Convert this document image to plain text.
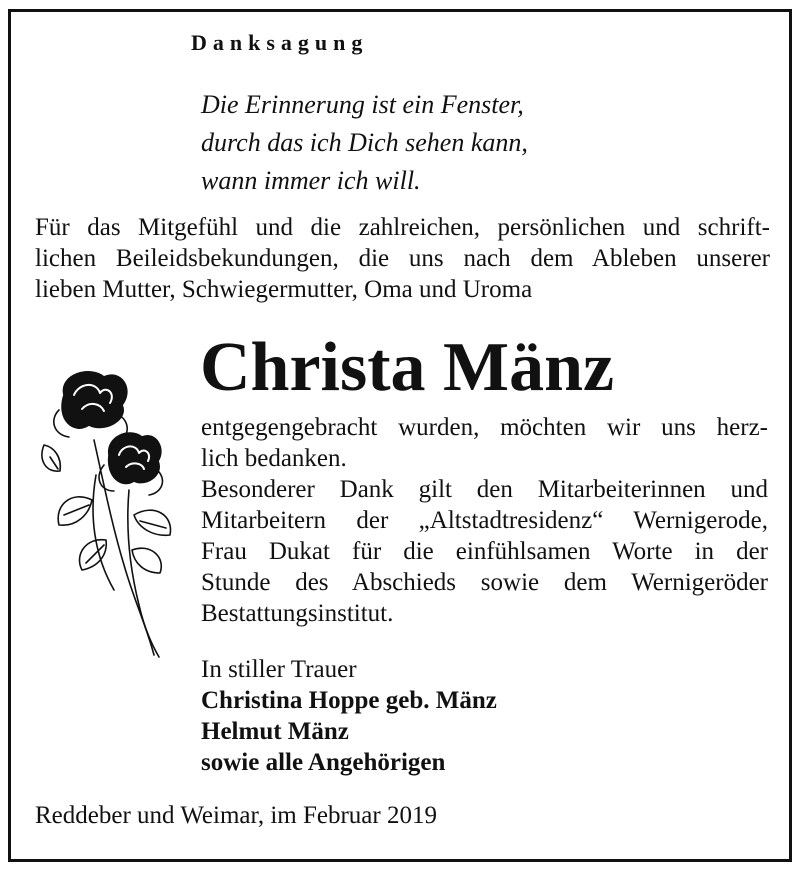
Danksagung
Die Erinnerung ist ein Fenster,
durch das ich Dich sehen kann,
wann immer ich will.
Für das Mitgefühl und die zahlreichen, persönlichen und schrift-
lichen Beileidsbekundungen, die uns nach dem Ableben unserer
lieben Mutter, Schwiegermutter, Oma und Uroma
Christa Mänz
entgegengebracht wurden, möchten wir uns herz-
lich bedanken.
Besonderer Dank gilt den Mitarbeiterinnen und
Mitarbeitern der „Altstadtresidenz“ Wernigerode,
Frau Dukat für die einfühlsamen Worte in der
Stunde des Abschieds sowie dem Wernigeröder
Bestattungsinstitut.
In stiller Trauer
Christina Hoppe geb. Mänz
Helmut Mänz
sowie alle Angehörigen
Reddeber und Weimar, im Februar 2019
